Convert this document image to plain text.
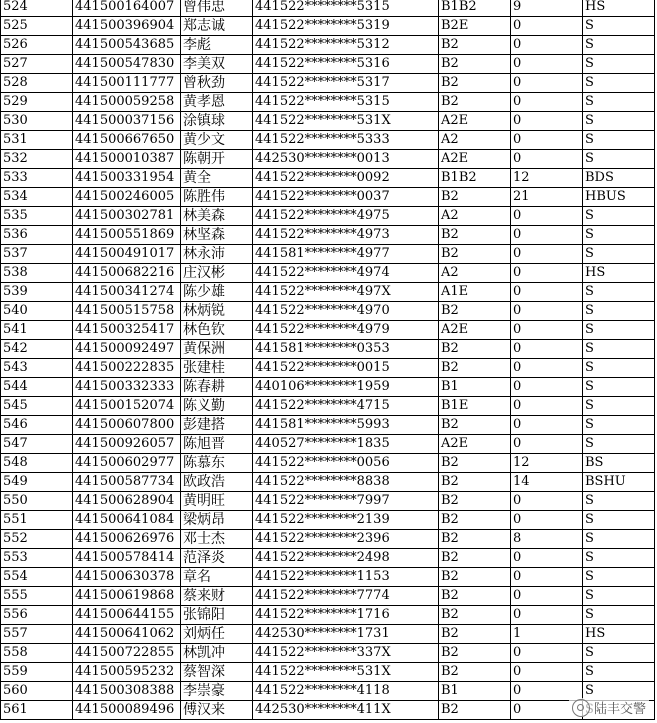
524	441500164007	曾伟忠	441522********5315	B1B2	9	HS
525	441500396904	郑志诚	441522********5319	B2E	0	S
526	441500543685	李彪	441522********5312	B2	0	S
527	441500547830	李美双	441522********5316	B2	0	S
528	441500111777	曾秋劲	441522********5317	B2	0	S
529	441500059258	黄孝恩	441522********5315	B2	0	S
530	441500037156	涂镇球	441522********531X	A2E	0	S
531	441500667650	黄少文	441522********5333	A2	0	S
532	441500010387	陈朝开	442530********0013	A2E	0	S
533	441500331954	黄全	441522********0092	B1B2	12	BDS
534	441500246005	陈胜伟	441522********0037	B2	21	HBUS
535	441500302781	林美森	441522********4975	A2	0	S
536	441500551869	林坚森	441522********4973	B2	0	S
537	441500491017	林永沛	441581********4977	B2	0	S
538	441500682216	庄汉彬	441522********4974	A2	0	HS
539	441500341274	陈少雄	441522********497X	A1E	0	S
540	441500515758	林炳锐	441522********4970	B2	0	S
541	441500325417	林色钦	441522********4979	A2E	0	S
542	441500092497	黄保洲	441581********0353	B2	0	S
543	441500222835	张建桂	441522********0015	B2	0	S
544	441500332333	陈春耕	440106********1959	B1	0	S
545	441500152074	陈义勤	441522********4715	B1E	0	S
546	441500607800	彭建搭	441581********5993	B2	0	S
547	441500926057	陈旭晋	440527********1835	A2E	0	S
548	441500602977	陈慕东	441522********0056	B2	12	BS
549	441500587734	欧政浩	441522********8838	B2	14	BSHU
550	441500628904	黄明旺	441522********7997	B2	0	S
551	441500641084	梁炳昂	441522********2139	B2	0	S
552	441500626976	邓士杰	441522********2396	B2	8	S
553	441500578414	范泽炎	441522********2498	B2	0	S
554	441500630378	章名	441522********1153	B2	0	S
555	441500619868	蔡来财	441522********7774	B2	0	S
556	441500644155	张锦阳	441522********1716	B2	0	S
557	441500641062	刘炳任	442530********1731	B2	1	HS
558	441500722855	林凯冲	441522********337X	B2	0	S
559	441500595232	蔡智深	441522********531X	B2	0	S
560	441500308388	李崇豪	441522********4118	B1	0	S
561	441500089496	傅汉来	442530********411X	B2	0		陆丰交警
